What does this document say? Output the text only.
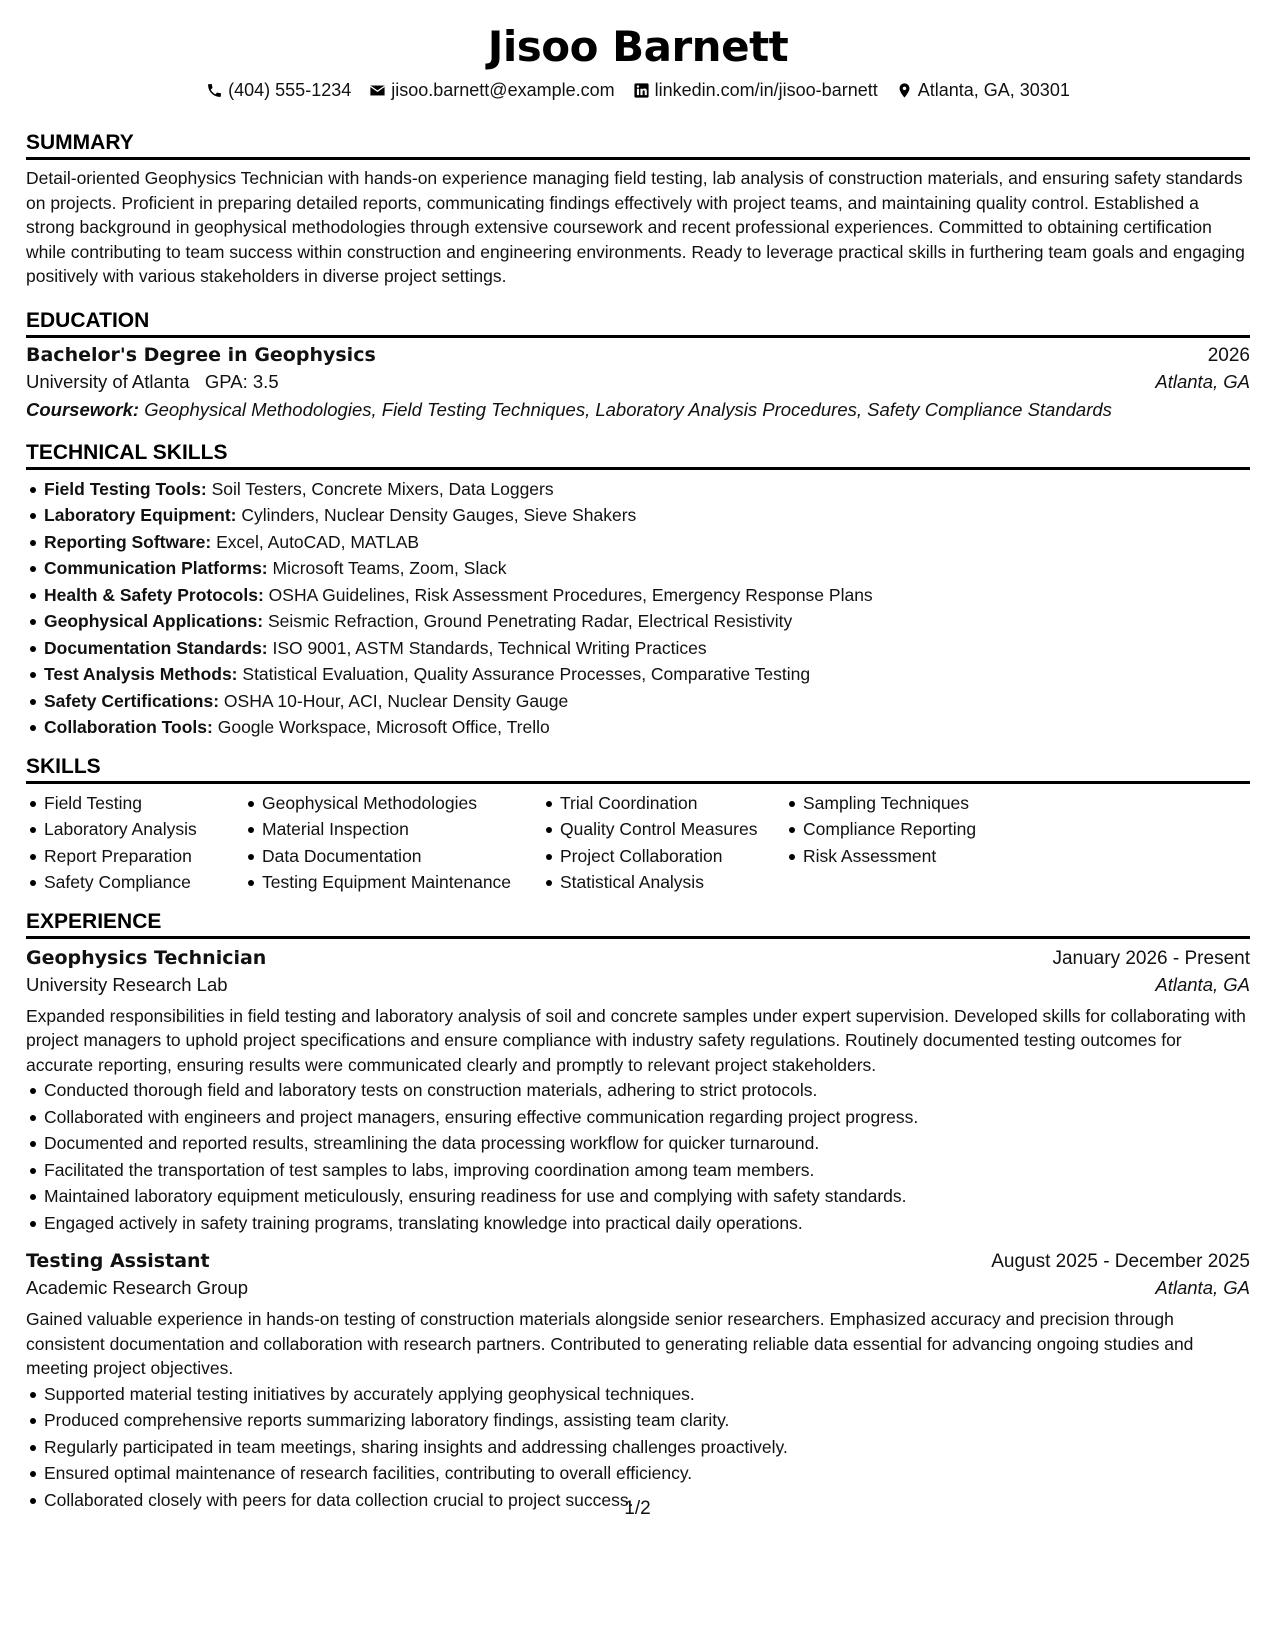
Jisoo Barnett
(404) 555-1234 jisoo.barnett@example.com linkedin.com/in/jisoo-barnett Atlanta, GA, 30301
SUMMARY

Detail-oriented Geophysics Technician with hands-on experience managing field testing, lab analysis of construction materials, and ensuring safety standards on projects. Proficient in preparing detailed reports, communicating findings effectively with project teams, and maintaining quality control. Established a strong background in geophysical methodologies through extensive coursework and recent professional experiences. Committed to obtaining certification while contributing to team success within construction and engineering environments. Ready to leverage practical skills in furthering team goals and engaging positively with various stakeholders in diverse project settings.

EDUCATION
Bachelor's Degree in Geophysics	2026
University of Atlanta GPA: 3.5	Atlanta, GA
Coursework: Geophysical Methodologies, Field Testing Techniques, Laboratory Analysis Procedures, Safety Compliance Standards
TECHNICAL SKILLS
Field Testing Tools: Soil Testers, Concrete Mixers, Data Loggers
Laboratory Equipment: Cylinders, Nuclear Density Gauges, Sieve Shakers
Reporting Software: Excel, AutoCAD, MATLAB
Communication Platforms: Microsoft Teams, Zoom, Slack
Health & Safety Protocols: OSHA Guidelines, Risk Assessment Procedures, Emergency Response Plans
Geophysical Applications: Seismic Refraction, Ground Penetrating Radar, Electrical Resistivity
Documentation Standards: ISO 9001, ASTM Standards, Technical Writing Practices
Test Analysis Methods: Statistical Evaluation, Quality Assurance Processes, Comparative Testing
Safety Certifications: OSHA 10-Hour, ACI, Nuclear Density Gauge
Collaboration Tools: Google Workspace, Microsoft Office, Trello
SKILLS
Field Testing
Laboratory Analysis
Report Preparation
Safety Compliance
Geophysical Methodologies
Material Inspection
Data Documentation
Testing Equipment Maintenance
Trial Coordination
Quality Control Measures
Project Collaboration
Statistical Analysis
Sampling Techniques
Compliance Reporting
Risk Assessment
EXPERIENCE
Geophysics Technician	January 2026 - Present
University Research Lab	Atlanta, GA

Expanded responsibilities in field testing and laboratory analysis of soil and concrete samples under expert supervision. Developed skills for collaborating with project managers to uphold project specifications and ensure compliance with industry safety regulations. Routinely documented testing outcomes for accurate reporting, ensuring results were communicated clearly and promptly to relevant project stakeholders.

Conducted thorough field and laboratory tests on construction materials, adhering to strict protocols.
Collaborated with engineers and project managers, ensuring effective communication regarding project progress.
Documented and reported results, streamlining the data processing workflow for quicker turnaround.
Facilitated the transportation of test samples to labs, improving coordination among team members.
Maintained laboratory equipment meticulously, ensuring readiness for use and complying with safety standards.
Engaged actively in safety training programs, translating knowledge into practical daily operations.
Testing Assistant	August 2025 - December 2025
Academic Research Group	Atlanta, GA

Gained valuable experience in hands-on testing of construction materials alongside senior researchers. Emphasized accuracy and precision through consistent documentation and collaboration with research partners. Contributed to generating reliable data essential for advancing ongoing studies and meeting project objectives.

Supported material testing initiatives by accurately applying geophysical techniques.
Produced comprehensive reports summarizing laboratory findings, assisting team clarity.
Regularly participated in team meetings, sharing insights and addressing challenges proactively.
Ensured optimal maintenance of research facilities, contributing to overall efficiency.
Collaborated closely with peers for data collection crucial to project success.
1/2
